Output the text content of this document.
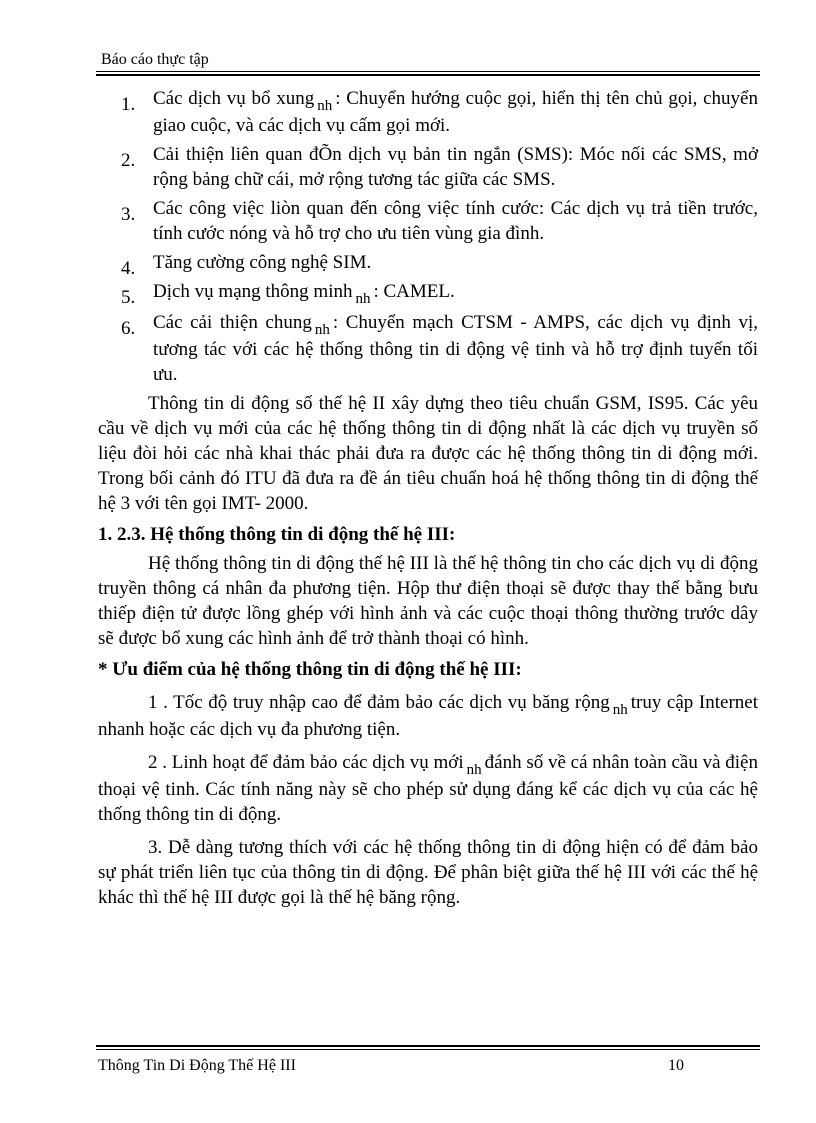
Báo cáo thực tập
1. Các dịch vụ bổ xung $_{nh}$ : Chuyển hướng cuộc gọi, hiển thị tên chủ gọi, chuyển giao cuộc, và các dịch vụ cấm gọi mới.
2. Cải thiện liên quan đÕn dịch vụ bản tin ngắn (SMS): Móc nối các SMS, mở rộng bảng chữ cái, mở rộng tương tác giữa các SMS.
3. Các công việc liòn quan đến công việc tính cước: Các dịch vụ trả tiền trước, tính cước nóng và hỗ trợ cho ưu tiên vùng gia đình.
4. Tăng cường công nghệ SIM.
5. Dịch vụ mạng thông minh $_{nh}$ : CAMEL.
6. Các cải thiện chung $_{nh}$ : Chuyển mạch CTSM - AMPS, các dịch vụ định vị, tương tác với các hệ thống thông tin di động vệ tinh và hỗ trợ định tuyến tối ưu.

Thông tin di động số thế hệ II xây dựng theo tiêu chuẩn GSM, IS95. Các yêu cầu về dịch vụ mới của các hệ thống thông tin di động nhất là các dịch vụ truyền số liệu đòi hỏi các nhà khai thác phải đưa ra được các hệ thống thông tin di động mới. Trong bối cảnh đó ITU đã đưa ra đề án tiêu chuẩn hoá hệ thống thông tin di động thế hệ 3 với tên gọi IMT- 2000.

1. 2.3. Hệ thống thông tin di động thế hệ III:

Hệ thống thông tin di động thế hệ III là thế hệ thông tin cho các dịch vụ di động truyền thông cá nhân đa phương tiện. Hộp thư điện thoại sẽ được thay thế bằng bưu thiếp điện tử được lồng ghép với hình ảnh và các cuộc thoại thông thường trước dây sẽ được bổ xung các hình ảnh để trở thành thoại có hình.

* Ưu điểm của hệ thống thông tin di động thế hệ III:

1 . Tốc độ truy nhập cao để đảm bảo các dịch vụ băng rộng $_{nh}$ truy cập Internet nhanh hoặc các dịch vụ đa phương tiện.

2 . Linh hoạt để đảm bảo các dịch vụ mới $_{nh}$ đánh số về cá nhân toàn cầu và điện thoại vệ tinh. Các tính năng này sẽ cho phép sử dụng đáng kể các dịch vụ của các hệ thống thông tin di động.

3. Dễ dàng tương thích với các hệ thống thông tin di động hiện có để đảm bảo sự phát triển liên tục của thông tin di động. Để phân biệt giữa thế hệ III với các thế hệ khác thì thế hệ III được gọi là thế hệ băng rộng.

Thông Tin Di Động Thế Hệ III	10
